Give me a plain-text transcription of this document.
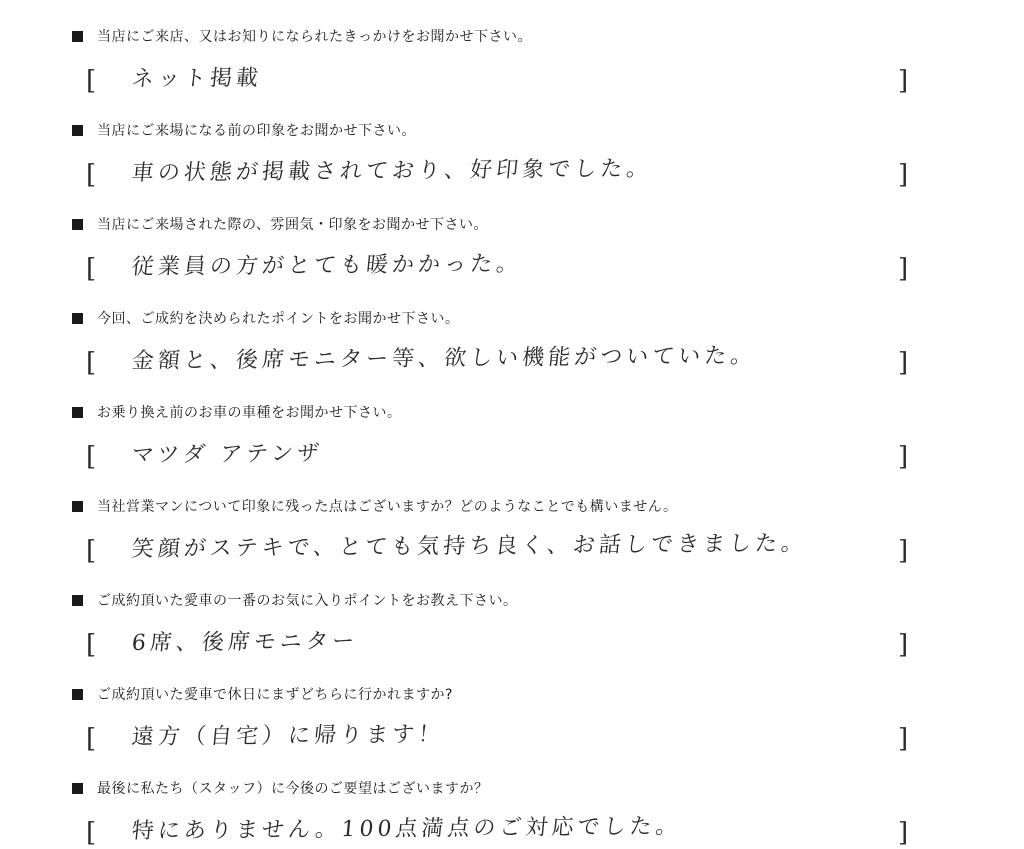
当店にご来店、又はお知りになられたきっかけをお聞かせ下さい。
[ ネット掲載	]
当店にご来場になる前の印象をお聞かせ下さい。
[ 車の状態が掲載されており、好印象でした。	]
当店にご来場された際の、雰囲気・印象をお聞かせ下さい。
[ 従業員の方がとても暖かかった。	]
今回、ご成約を決められたポイントをお聞かせ下さい。
[ 金額と、後席モニター等、欲しい機能がついていた。	]
お乗り換え前のお車の車種をお聞かせ下さい。
[ マツダ アテンザ	]
当社営業マンについて印象に残った点はございますか？どのようなことでも構いません。
[ 笑顔がステキで、とても気持ち良く、お話しできました。	]
ご成約頂いた愛車の一番のお気に入りポイントをお教え下さい。
[ 6席、後席モニター	]
ご成約頂いた愛車で休日にまずどちらに行かれますか?
[ 遠方（自宅）に帰ります！	]
最後に私たち（スタッフ）に今後のご要望はございますか？
[ 特にありません。100点満点のご対応でした。	]
